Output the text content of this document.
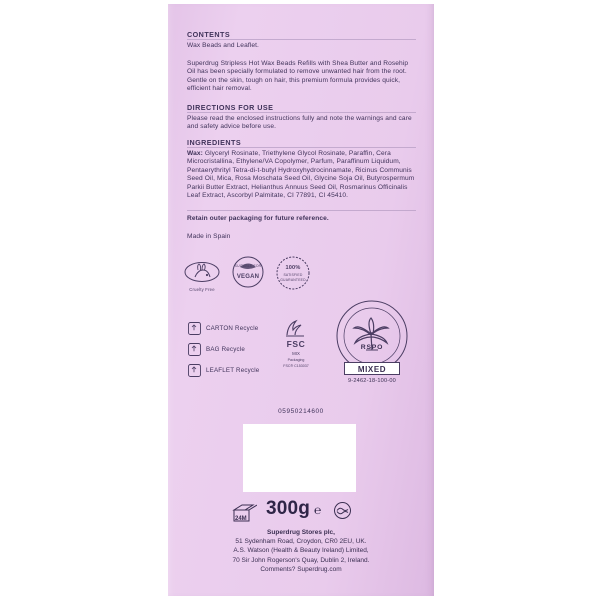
CONTENTS
Wax Beads and Leaflet.
Superdrug Stripless Hot Wax Beads Refills with Shea Butter and Rosehip Oil has been specially formulated to remove unwanted hair from the root. Gentle on the skin, tough on hair, this premium formula provides quick, efficient hair removal.
DIRECTIONS FOR USE
Please read the enclosed instructions fully and note the warnings and care and safety advice before use.
INGREDIENTS
Wax: Glyceryl Rosinate, Triethylene Glycol Rosinate, Paraffin, Cera Microcristallina, Ethylene/VA Copolymer, Parfum, Paraffinum Liquidum, Pentaerythrityl Tetra-di-t-butyl Hydroxyhydrocinnamate, Ricinus Communis Seed Oil, Mica, Rosa Moschata Seed Oil, Glycine Soja Oil, Butyrospermum Parkii Butter Extract, Helianthus Annuus Seed Oil, Rosmarinus Officinalis Leaf Extract, Ascorbyl Palmitate, CI 77891, CI 45410.
Retain outer packaging for future reference.
Made in Spain
Cruelty Free
SUITABLE FOR
VEGAN
100%
SATISFIED
GUARANTEED
CARTON Recycle
BAG Recycle
LEAFLET Recycle
FSC
MIX
Packaging
FSC® C153037
RSPO
MIXED
9-2462-18-100-00
05950214600
24M 300g ℮
Superdrug Stores plc,
51 Sydenham Road, Croydon, CR0 2EU, UK.
A.S. Watson (Health & Beauty Ireland) Limited,
70 Sir John Rogerson's Quay, Dublin 2, Ireland.
Comments? Superdrug.com
